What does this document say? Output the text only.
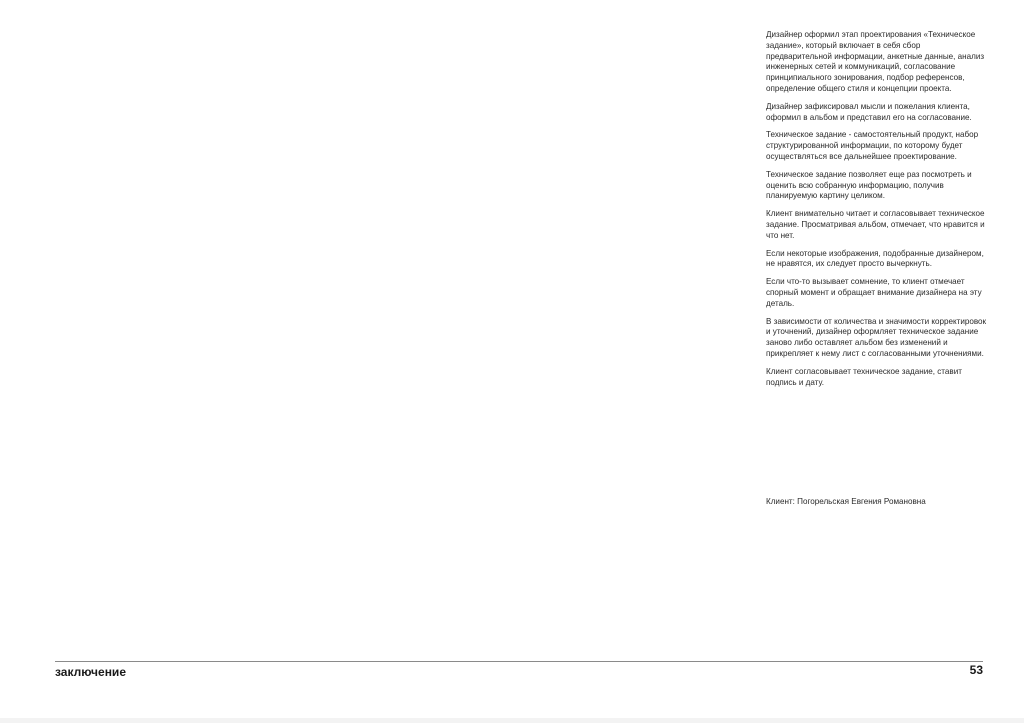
Дизайнер оформил этап проектирования «Техническое задание», который включает в себя сбор предварительной информации, анкетные данные, анализ инженерных сетей и коммуникаций, согласование принципиального зонирования, подбор референсов, определение общего стиля и концепции проекта.

Дизайнер зафиксировал мысли и пожелания клиента, оформил в альбом и представил его на согласование.

Техническое задание - самостоятельный продукт, набор структурированной информации, по которому будет осуществляться все дальнейшее проектирование.

Техническое задание позволяет еще раз посмотреть и оценить всю собранную информацию, получив планируемую картину целиком.

Клиент внимательно читает и согласовывает техническое задание. Просматривая альбом, отмечает, что нравится и что нет.

Если некоторые изображения, подобранные дизайнером, не нравятся, их следует просто вычеркнуть.

Если что-то вызывает сомнение, то клиент отмечает спорный момент и обращает внимание дизайнера на эту деталь.

В зависимости от количества и значимости корректировок и уточнений, дизайнер оформляет техническое задание заново либо оставляет альбом без изменений и прикрепляет к нему лист с согласованными уточнениями.

Клиент согласовывает техническое задание, ставит подпись и дату.

Клиент: Погорельская Евгения Романовна
заключение	53
